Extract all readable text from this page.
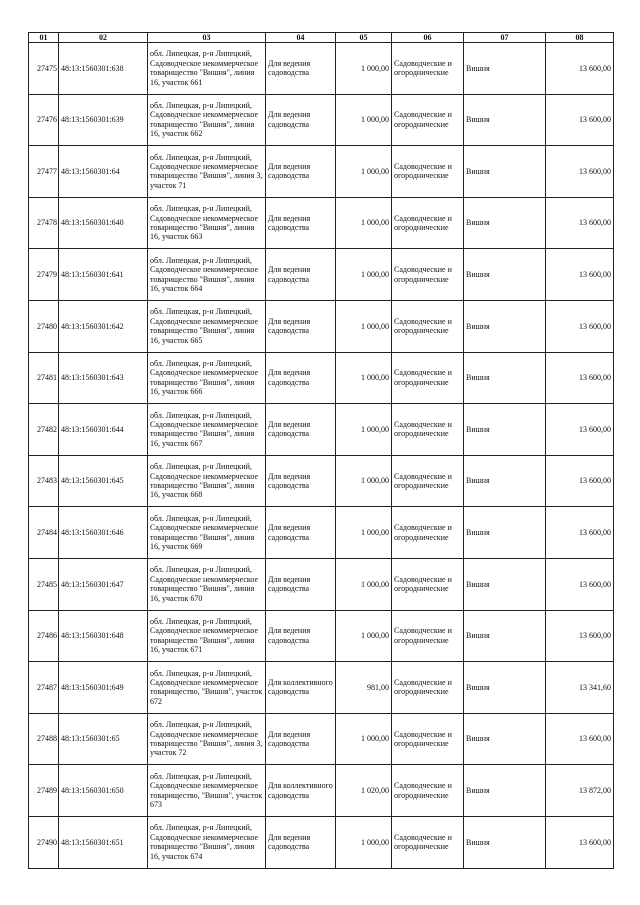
01	02	03	04	05	06	07	08
27475	48:13:1560301:638	обл. Липецкая, р-н Липецкий, Садоводческое некоммерческое товарищество "Вишня", линия 16, участок 661	Для ведения садоводства	1 000,00	Садоводческие и огороднические	Вишня	13 600,00
27476	48:13:1560301:639	обл. Липецкая, р-н Липецкий, Садоводческое некоммерческое товарищество "Вишня", линия 16, участок 662	Для ведения садоводства	1 000,00	Садоводческие и огороднические	Вишня	13 600,00
27477	48:13:1560301:64	обл. Липецкая, р-н Липецкий, Садоводческое некоммерческое товарищество "Вишня", линия 3, участок 71	Для ведения садоводства	1 000,00	Садоводческие и огороднические	Вишня	13 600,00
27478	48:13:1560301:640	обл. Липецкая, р-н Липецкий, Садоводческое некоммерческое товарищество "Вишня", линия 16, участок 663	Для ведения садоводства	1 000,00	Садоводческие и огороднические	Вишня	13 600,00
27479	48:13:1560301:641	обл. Липецкая, р-н Липецкий, Садоводческое некоммерческое товарищество "Вишня", линия 16, участок 664	Для ведения садоводства	1 000,00	Садоводческие и огороднические	Вишня	13 600,00
27480	48:13:1560301:642	обл. Липецкая, р-н Липецкий, Садоводческое некоммерческое товарищество "Вишня", линия 16, участок 665	Для ведения садоводства	1 000,00	Садоводческие и огороднические	Вишня	13 600,00
27481	48:13:1560301:643	обл. Липецкая, р-н Липецкий, Садоводческое некоммерческое товарищество "Вишня", линия 16, участок 666	Для ведения садоводства	1 000,00	Садоводческие и огороднические	Вишня	13 600,00
27482	48:13:1560301:644	обл. Липецкая, р-н Липецкий, Садоводческое некоммерческое товарищество "Вишня", линия 16, участок 667	Для ведения садоводства	1 000,00	Садоводческие и огороднические	Вишня	13 600,00
27483	48:13:1560301:645	обл. Липецкая, р-н Липецкий, Садоводческое некоммерческое товарищество "Вишня", линия 16, участок 668	Для ведения садоводства	1 000,00	Садоводческие и огороднические	Вишня	13 600,00
27484	48:13:1560301:646	обл. Липецкая, р-н Липецкий, Садоводческое некоммерческое товарищество "Вишня", линия 16, участок 669	Для ведения садоводства	1 000,00	Садоводческие и огороднические	Вишня	13 600,00
27485	48:13:1560301:647	обл. Липецкая, р-н Липецкий, Садоводческое некоммерческое товарищество "Вишня", линия 16, участок 670	Для ведения садоводства	1 000,00	Садоводческие и огороднические	Вишня	13 600,00
27486	48:13:1560301:648	обл. Липецкая, р-н Липецкий, Садоводческое некоммерческое товарищество "Вишня", линия 16, участок 671	Для ведения садоводства	1 000,00	Садоводческие и огороднические	Вишня	13 600,00
27487	48:13:1560301:649	обл. Липецкая, р-н Липецкий, Садоводческое некоммерческое товарищество, "Вишня", участок 672	Для коллективного садоводства	981,00	Садоводческие и огороднические	Вишня	13 341,60
27488	48:13:1560301:65	обл. Липецкая, р-н Липецкий, Садоводческое некоммерческое товарищество "Вишня", линия 3, участок 72	Для ведения садоводства	1 000,00	Садоводческие и огороднические	Вишня	13 600,00
27489	48:13:1560301:650	обл. Липецкая, р-н Липецкий, Садоводческое некоммерческое товарищество, "Вишня", участок 673	Для коллективного садоводства	1 020,00	Садоводческие и огороднические	Вишня	13 872,00
27490	48:13:1560301:651	обл. Липецкая, р-н Липецкий, Садоводческое некоммерческое товарищество "Вишня", линия 16, участок 674	Для ведения садоводства	1 000,00	Садоводческие и огороднические	Вишня	13 600,00
